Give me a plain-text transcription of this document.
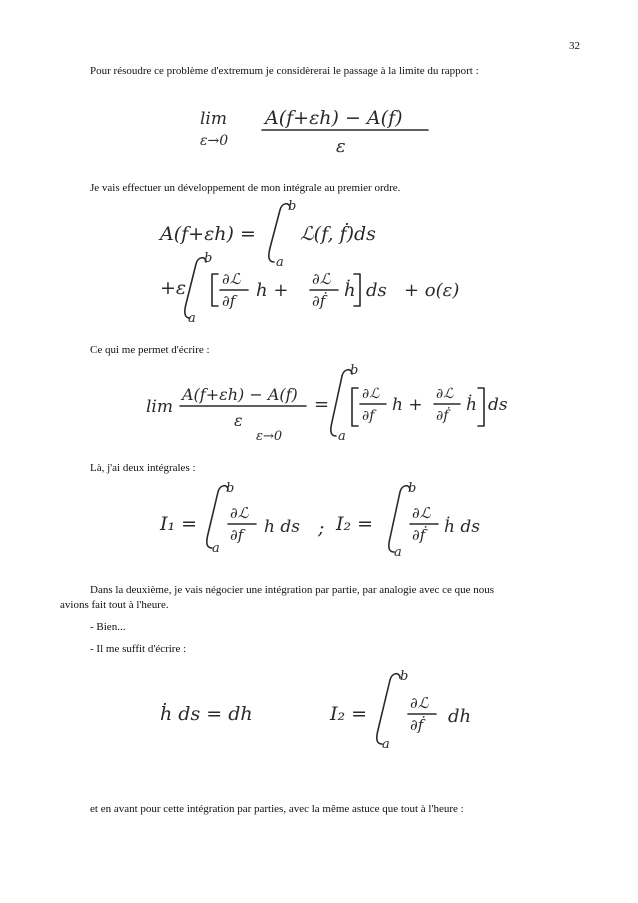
32
Pour résoudre ce problème d'extremum je considèrerai le passage à la limite du rapport :
lim
ε→0
A(f+εh) − A(f)
ε
Je vais effectuer un développement de mon intégrale au premier ordre.
A(f+εh) =
b
a
ℒ(f, ḟ)ds
+ε
b
a
∂ℒ
∂f h +
∂ℒ
∂ḟ ḣ ds + o(ε)
Ce qui me permet d'écrire :
lim
A(f+εh) − A(f)
ε
ε→0
=
b
a
∂ℒ
∂f
h +
∂ℒ
∂ḟ
ḣ ds
Là, j'ai deux intégrales :
I₁ =
b
a
∂ℒ
∂f h ds ; I₂ =
b
a
∂ℒ
∂ḟ ḣ ds
Dans la deuxième, je vais négocier une intégration par partie, par analogie avec ce que nous
avions fait tout à l'heure.
- Bien...
- Il me suffit d'écrire :
ḣ ds = dh	I₂ =
b
a
∂ℒ
∂ḟ dh
et en avant pour cette intégration par parties, avec la même astuce que tout à l'heure :
